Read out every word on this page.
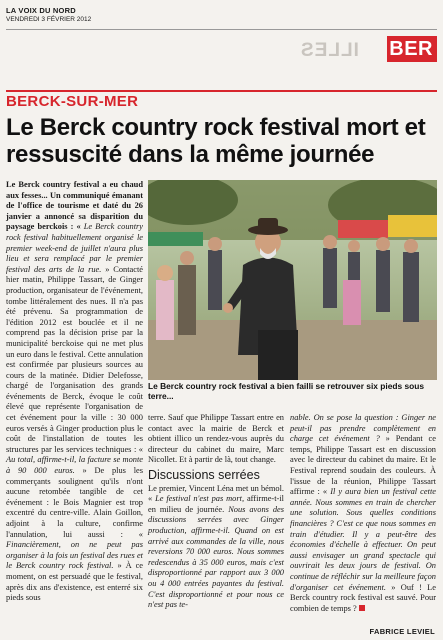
LA VOIX DU NORD
VENDREDI 3 FÉVRIER 2012
ILLES BER
BERCK-SUR-MER
Le Berck country rock festival mort et ressuscité dans la même journée

Le Berck country festival a eu chaud aux fesses... Un communiqué émanant de l'office de tourisme et daté du 26 janvier a annoncé sa disparition du paysage berckois : « Le Berck country rock festival habituellement organisé le premier week-end de juillet n'aura plus lieu et sera remplacé par le premier festival des arts de la rue. » Contacté hier matin, Philippe Tassart, de Ginger production, organisateur de l'événement, tombe littéralement des nues. Il n'a pas été prévenu. Sa programmation de l'édition 2012 est bouclée et il ne comprend pas la décision prise par la municipalité berckoise qui ne met plus un euro dans le festival. Cette annulation est confirmée par plusieurs sources au cours de la matinée. Didier Delefosse, chargé de l'organisation des grands événements de Berck, évoque le coût élevé que représente l'organisation de cet événement pour la ville : 30 000 euros versés à Ginger production plus le coût de l'installation de toutes les structures par les services techniques : « Au total, affirme-t-il, la facture se monte à 90 000 euros. » De plus les commerçants soulignent qu'ils n'ont aucune retombée tangible de cet événement : le Bois Magnier est trop excentré du centre-ville. Alain Goillon, adjoint à la culture, confirme l'annulation, lui aussi : « Financièrement, on ne peut pas organiser à la fois un festival des rues et le Berck country rock festival. » À ce moment, on est persuadé que le festival, après dix ans d'existence, est enterré six pieds sous

Le Berck country rock festival a bien failli se retrouver six pieds sous terre...

terre. Sauf que Philippe Tassart entre en contact avec la mairie de Berck et obtient illico un rendez-vous auprès du directeur du cabinet du maire, Marc Nicollet. Et à partir de là, tout change.

Discussions serrées

Le premier, Vincent Léna met un bémol. « Le festival n'est pas mort, affirme-t-il en milieu de journée. Nous avons des discussions serrées avec Ginger production, affirme-t-il. Quand on est arrivé aux commandes de la ville, nous reversions 70 000 euros. Nous sommes redescendus à 35 000 euros, mais c'est disproportionné par rapport aux 3 000 ou 4 000 entrées payantes du festival. C'est disproportionné et pour nous ce n'est pas te-

nable. On se pose la question : Ginger ne peut-il pas prendre complètement en charge cet événement ? » Pendant ce temps, Philippe Tassart est en discussion avec le directeur du cabinet du maire. Et le Festival reprend soudain des couleurs. À l'issue de la réunion, Philippe Tassart affirme : « Il y aura bien un festival cette année. Nous sommes en train de chercher une solution. Sous quelles conditions financières ? C'est ce que nous sommes en train d'étudier. Il y a peut-être des économies d'échelle à effectuer. On peut aussi envisager un grand spectacle qui ouvrirait les deux jours de festival. On continue de réfléchir sur la meilleure façon d'organiser cet événement. » Ouf ! Le Berck country rock festival est sauvé. Pour combien de temps ?

FABRICE LEVIEL
